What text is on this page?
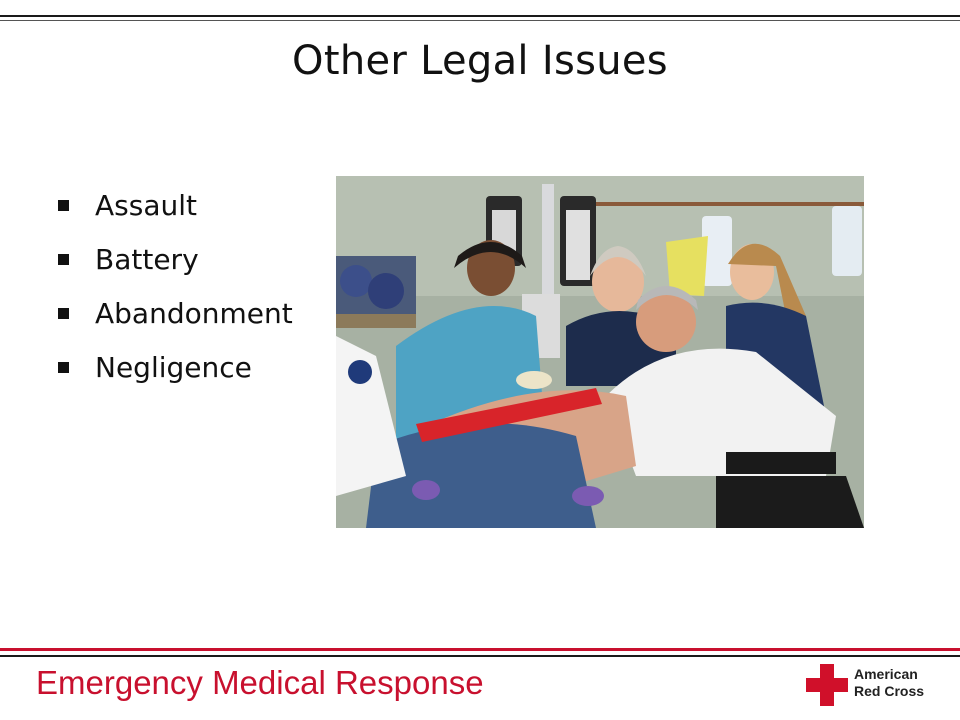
Other Legal Issues
Assault
Battery
Abandonment
Negligence
Emergency Medical Response	American
Red Cross
